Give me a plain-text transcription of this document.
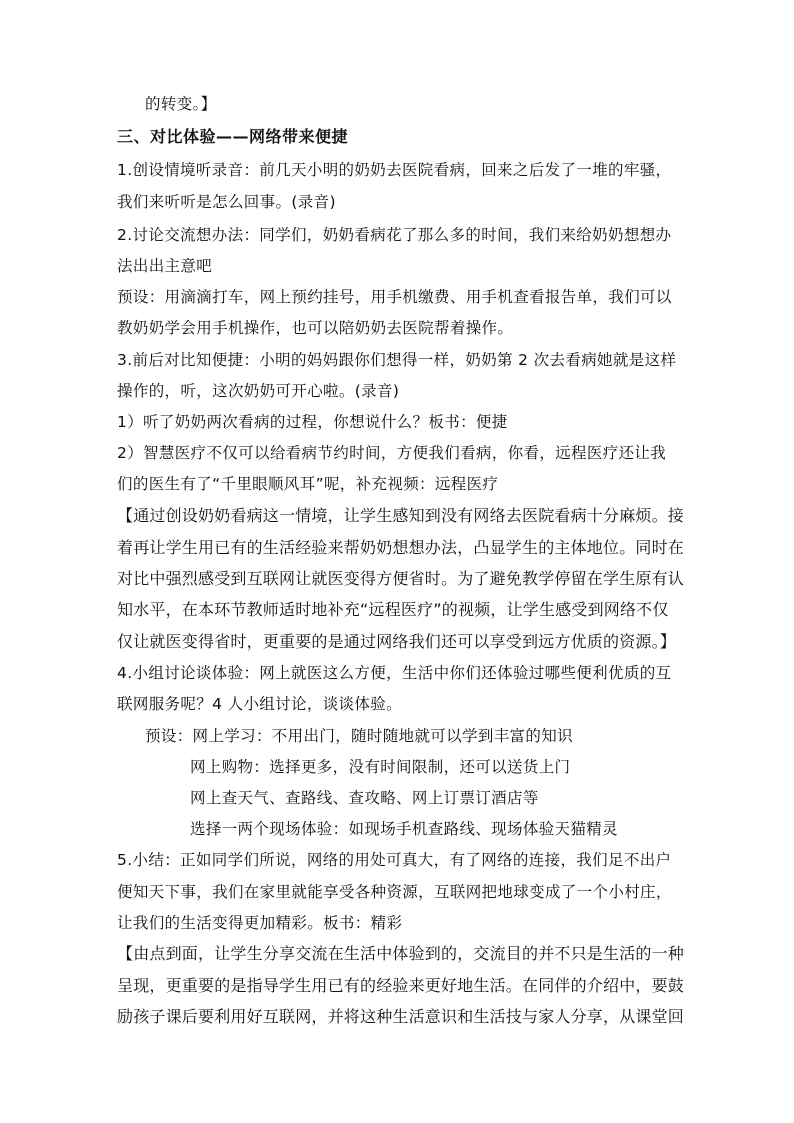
的转变。】
三、对比体验——网络带来便捷
1.创设情境听录音：前几天小明的奶奶去医院看病，回来之后发了一堆的牢骚，
我们来听听是怎么回事。(录音)
2.讨论交流想办法：同学们，奶奶看病花了那么多的时间，我们来给奶奶想想办
法出出主意吧
预设：用滴滴打车，网上预约挂号，用手机缴费、用手机查看报告单，我们可以
教奶奶学会用手机操作，也可以陪奶奶去医院帮着操作。
3.前后对比知便捷：小明的妈妈跟你们想得一样，奶奶第 2 次去看病她就是这样
操作的，听，这次奶奶可开心啦。(录音)
1）听了奶奶两次看病的过程，你想说什么？板书：便捷
2）智慧医疗不仅可以给看病节约时间，方便我们看病，你看，远程医疗还让我
们的医生有了“千里眼顺风耳”呢，补充视频：远程医疗
【通过创设奶奶看病这一情境，让学生感知到没有网络去医院看病十分麻烦。接
着再让学生用已有的生活经验来帮奶奶想想办法，凸显学生的主体地位。同时在
对比中强烈感受到互联网让就医变得方便省时。为了避免教学停留在学生原有认
知水平，在本环节教师适时地补充“远程医疗”的视频，让学生感受到网络不仅
仅让就医变得省时，更重要的是通过网络我们还可以享受到远方优质的资源。】
4.小组讨论谈体验：网上就医这么方便，生活中你们还体验过哪些便利优质的互
联网服务呢？4 人小组讨论，谈谈体验。
预设：网上学习：不用出门，随时随地就可以学到丰富的知识
网上购物：选择更多，没有时间限制，还可以送货上门
网上查天气、查路线、查攻略、网上订票订酒店等
选择一两个现场体验：如现场手机查路线、现场体验天猫精灵
5.小结：正如同学们所说，网络的用处可真大，有了网络的连接，我们足不出户
便知天下事，我们在家里就能享受各种资源，互联网把地球变成了一个小村庄，
让我们的生活变得更加精彩。板书：精彩
【由点到面，让学生分享交流在生活中体验到的，交流目的并不只是生活的一种
呈现，更重要的是指导学生用已有的经验来更好地生活。在同伴的介绍中，要鼓
励孩子课后要利用好互联网，并将这种生活意识和生活技与家人分享，从课堂回
